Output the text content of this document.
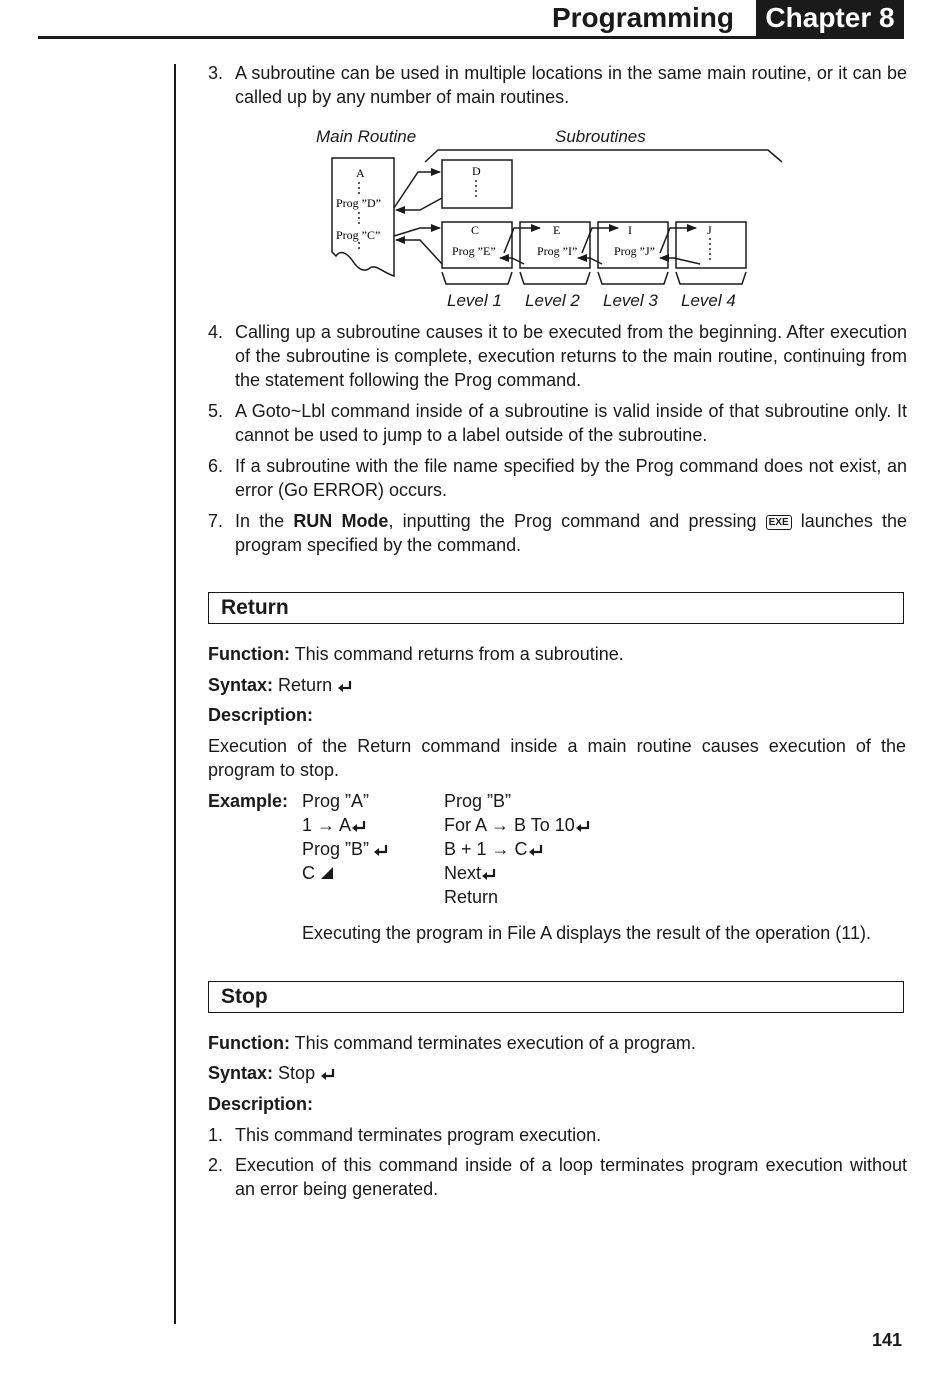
Programming	Chapter 8
3. A subroutine can be used in multiple locations in the same main routine, or it can be called up by any number of main routines.
Main Routine	Subroutines
A
Prog ”D”
Prog ”C”
D
C
Prog ”E”
E
Prog ”I”
I
Prog ”J”
J
Level 1 Level 2 Level 3 Level 4
4. Calling up a subroutine causes it to be executed from the beginning. After execution of the subroutine is complete, execution returns to the main routine, continuing from the statement following the Prog command.
5. A Goto~Lbl command inside of a subroutine is valid inside of that subroutine only. It cannot be used to jump to a label outside of the subroutine.
6. If a subroutine with the file name specified by the Prog command does not exist, an error (Go ERROR) occurs.
7. In the RUN Mode, inputting the Prog command and pressing EXE launches the program specified by the command.
Return
Function: This command returns from a subroutine.
Syntax: Return
Description:
Execution of the Return command inside a main routine causes execution of the program to stop.
Example: Prog ”A”
1 → A
Prog ”B”
C
Prog ”B”
For A → B To 10
B + 1 → C
Next
Return
Executing the program in File A displays the result of the operation (11).
Stop
Function: This command terminates execution of a program.
Syntax: Stop
Description:
1. This command terminates program execution.
2. Execution of this command inside of a loop terminates program execution without an error being generated.
141
